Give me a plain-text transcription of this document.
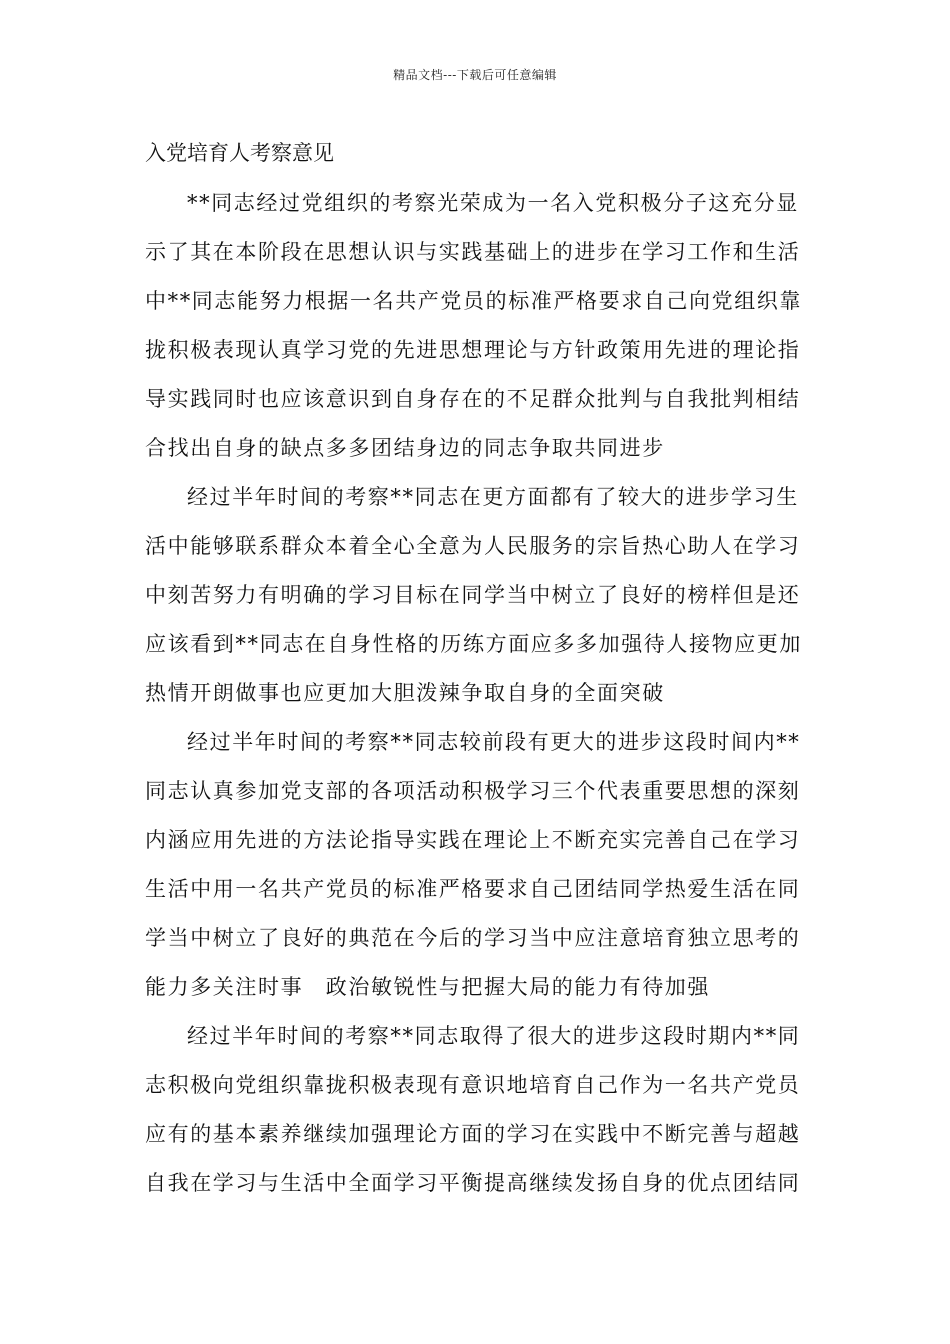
精品文档---下载后可任意编辑
入党培育人考察意见
**同志经过党组织的考察光荣成为一名入党积极分子这充分显
示了其在本阶段在思想认识与实践基础上的进步在学习工作和生活
中**同志能努力根据一名共产党员的标准严格要求自己向党组织靠
拢积极表现认真学习党的先进思想理论与方针政策用先进的理论指
导实践同时也应该意识到自身存在的不足群众批判与自我批判相结
合找出自身的缺点多多团结身边的同志争取共同进步
经过半年时间的考察**同志在更方面都有了较大的进步学习生
活中能够联系群众本着全心全意为人民服务的宗旨热心助人在学习
中刻苦努力有明确的学习目标在同学当中树立了良好的榜样但是还
应该看到**同志在自身性格的历练方面应多多加强待人接物应更加
热情开朗做事也应更加大胆泼辣争取自身的全面突破
经过半年时间的考察**同志较前段有更大的进步这段时间内**
同志认真参加党支部的各项活动积极学习三个代表重要思想的深刻
内涵应用先进的方法论指导实践在理论上不断充实完善自己在学习
生活中用一名共产党员的标准严格要求自己团结同学热爱生活在同
学当中树立了良好的典范在今后的学习当中应注意培育独立思考的
能力多关注时事　政治敏锐性与把握大局的能力有待加强
经过半年时间的考察**同志取得了很大的进步这段时期内**同
志积极向党组织靠拢积极表现有意识地培育自己作为一名共产党员
应有的基本素养继续加强理论方面的学习在实践中不断完善与超越
自我在学习与生活中全面学习平衡提高继续发扬自身的优点团结同
